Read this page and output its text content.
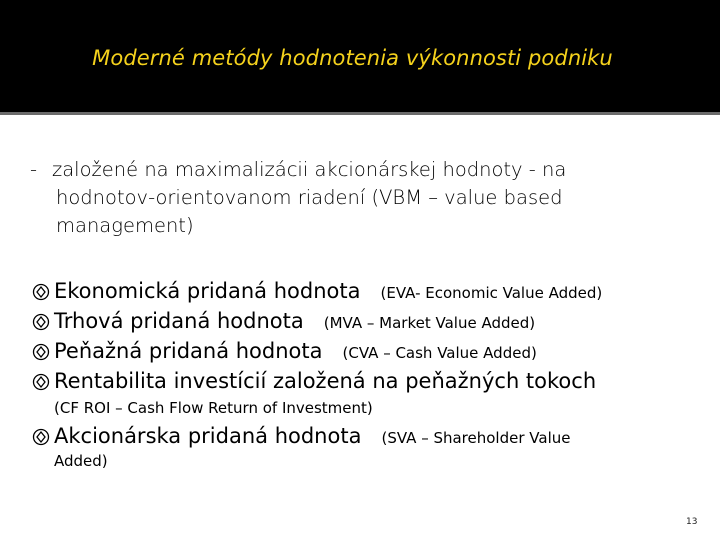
Moderné metódy hodnotenia výkonnosti podniku
- založené na maximalizácii akcionárskej hodnoty - na
hodnotov-orientovanom riadení (VBM – value based
management)
Ekonomická pridaná hodnota (EVA- Economic Value Added)
Trhová pridaná hodnota (MVA – Market Value Added)
Peňažná pridaná hodnota (CVA – Cash Value Added)
Rentabilita investícií založená na peňažných tokoch
(CF ROI – Cash Flow Return of Investment)
Akcionárska pridaná hodnota (SVA – Shareholder Value
Added)
13
